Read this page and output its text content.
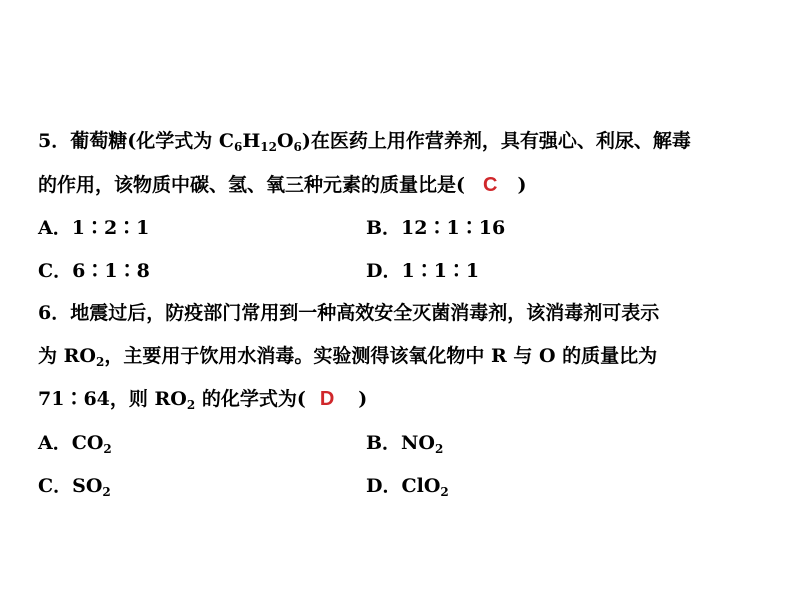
5．葡萄糖(化学式为 $C_6H_{12}O_6$)在医药上用作营养剂，具有强心、利尿、解毒
的作用，该物质中碳、氢、氧三种元素的质量比是( C )
A．1∶2∶1	B．12∶1∶16
C．6∶1∶8	D．1∶1∶1
6．地震过后，防疫部门常用到一种高效安全灭菌消毒剂，该消毒剂可表示
为 $RO_2$，主要用于饮用水消毒。实验测得该氧化物中 R 与 O 的质量比为
71∶64，则 $RO_2$ 的化学式为( D )
A．$CO_2$	B．$NO_2$
C．$SO_2$	D．ClO$_2$
